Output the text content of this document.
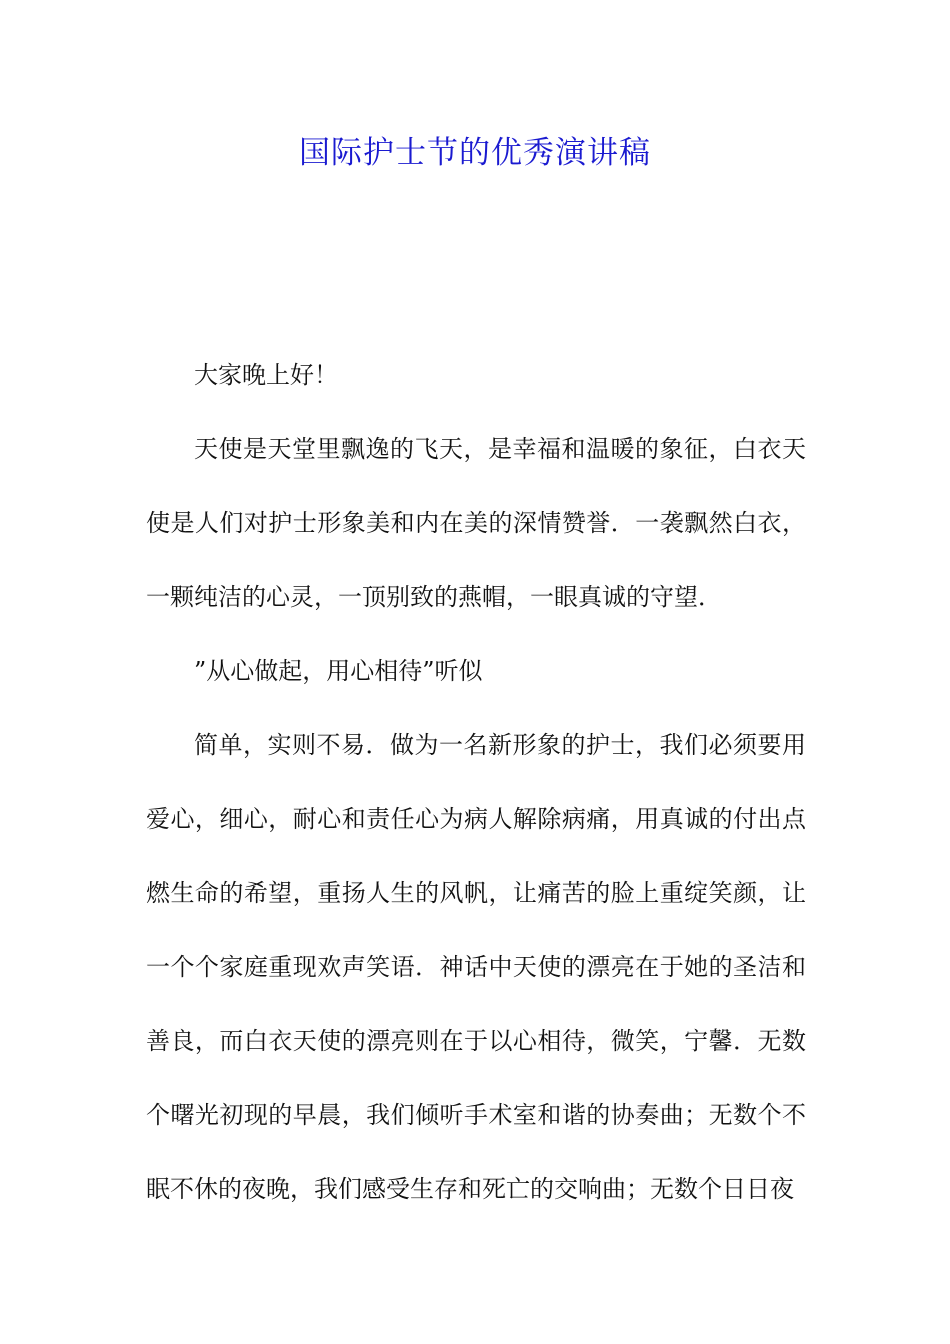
国际护士节的优秀演讲稿

大家晚上好！

天使是天堂里飘逸的飞天，是幸福和温暖的象征，白衣天使是人们对护士形象美和内在美的深情赞誉．一袭飘然白衣，一颗纯洁的心灵，一顶别致的燕帽，一眼真诚的守望．

”从心做起，用心相待”听似

简单，实则不易．做为一名新形象的护士，我们必须要用爱心，细心，耐心和责任心为病人解除病痛，用真诚的付出点燃生命的希望，重扬人生的风帆，让痛苦的脸上重绽笑颜，让一个个家庭重现欢声笑语．神话中天使的漂亮在于她的圣洁和善良，而白衣天使的漂亮则在于以心相待，微笑，宁馨．无数个曙光初现的早晨，我们倾听手术室和谐的协奏曲；无数个不眠不休的夜晚，我们感受生存和死亡的交响曲；无数个日日夜
